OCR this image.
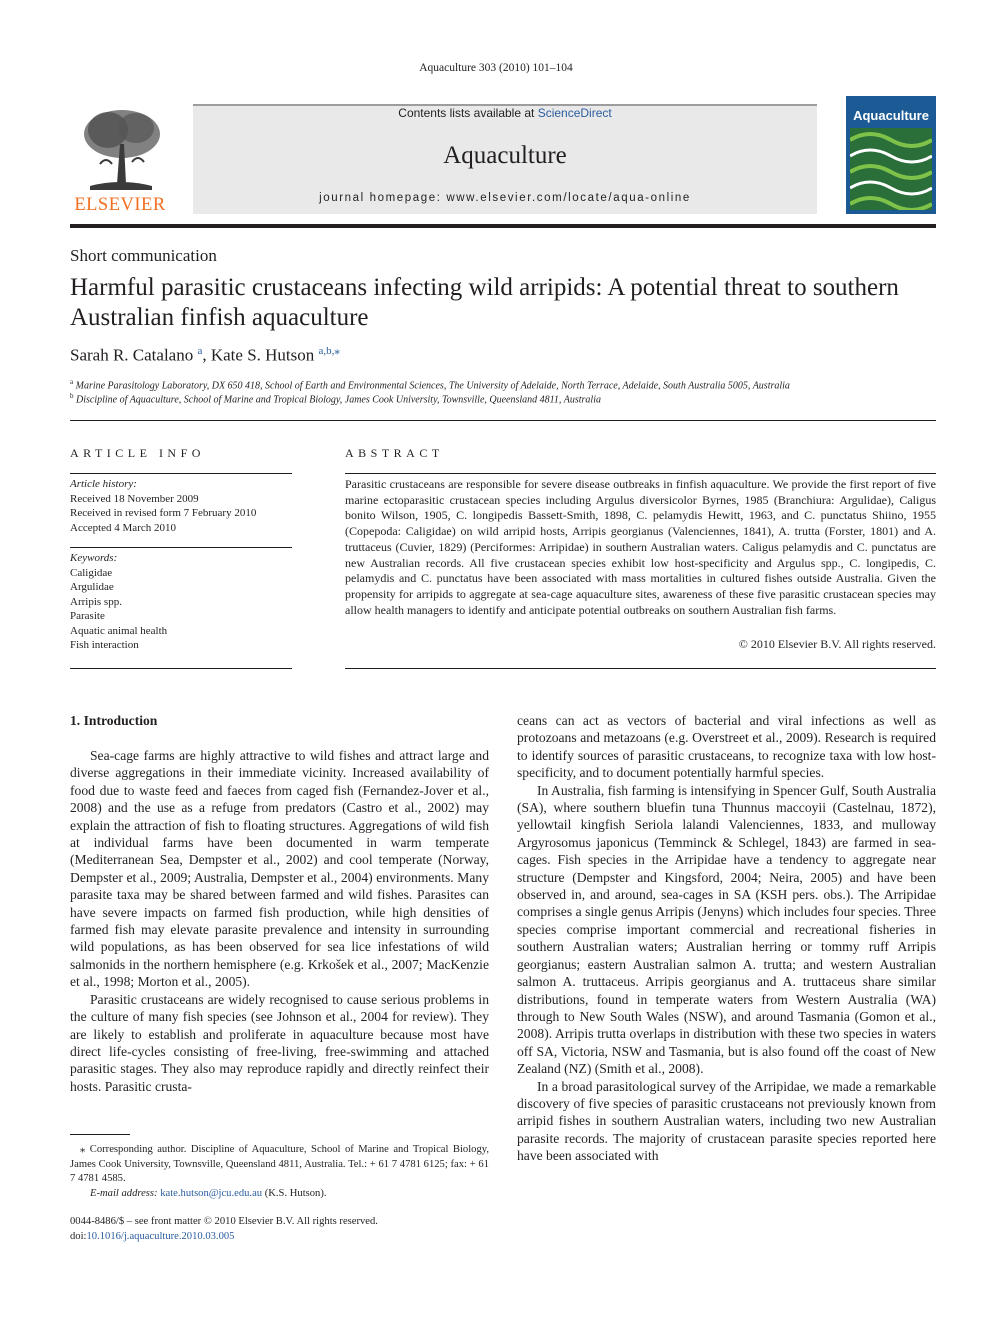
Aquaculture 303 (2010) 101–104
ELSEVIER
Contents lists available at ScienceDirect
Aquaculture
journal homepage: www.elsevier.com/locate/aqua-online
Aquaculture
Short communication
Harmful parasitic crustaceans infecting wild arripids: A potential threat to southern Australian finfish aquaculture
Sarah R. Catalano $^a$, Kate S. Hutson $^{a,b,⁎}$
$^a$ Marine Parasitology Laboratory, DX 650 418, School of Earth and Environmental Sciences, The University of Adelaide, North Terrace, Adelaide, South Australia 5005, Australia
$^b$ Discipline of Aquaculture, School of Marine and Tropical Biology, James Cook University, Townsville, Queensland 4811, Australia
ARTICLE INFO	ABSTRACT
Article history:
Received 18 November 2009
Received in revised form 7 February 2010
Accepted 4 March 2010
Keywords:
Caligidae
Argulidae
Arripis spp.
Parasite
Aquatic animal health
Fish interaction
Parasitic crustaceans are responsible for severe disease outbreaks in finfish aquaculture. We provide the first report of five marine ectoparasitic crustacean species including Argulus diversicolor Byrnes, 1985 (Branchiura: Argulidae), Caligus bonito Wilson, 1905, C. longipedis Bassett-Smith, 1898, C. pelamydis Hewitt, 1963, and C. punctatus Shiino, 1955 (Copepoda: Caligidae) on wild arripid hosts, Arripis georgianus (Valenciennes, 1841), A. trutta (Forster, 1801) and A. truttaceus (Cuvier, 1829) (Perciformes: Arripidae) in southern Australian waters. Caligus pelamydis and C. punctatus are new Australian records. All five crustacean species exhibit low host-specificity and Argulus spp., C. longipedis, C. pelamydis and C. punctatus have been associated with mass mortalities in cultured fishes outside Australia. Given the propensity for arripids to aggregate at sea-cage aquaculture sites, awareness of these five parasitic crustacean species may allow health managers to identify and anticipate potential outbreaks on southern Australian fish farms.
© 2010 Elsevier B.V. All rights reserved.
1. Introduction

Sea-cage farms are highly attractive to wild fishes and attract large and diverse aggregations in their immediate vicinity. Increased availability of food due to waste feed and faeces from caged fish (Fernandez-Jover et al., 2008) and the use as a refuge from predators (Castro et al., 2002) may explain the attraction of fish to floating structures. Aggregations of wild fish at individual farms have been documented in warm temperate (Mediterranean Sea, Dempster et al., 2002) and cool temperate (Norway, Dempster et al., 2009; Australia, Dempster et al., 2004) environments. Many parasite taxa may be shared between farmed and wild fishes. Parasites can have severe impacts on farmed fish production, while high densities of farmed fish may elevate parasite prevalence and intensity in surrounding wild populations, as has been observed for sea lice infestations of wild salmonids in the northern hemisphere (e.g. Krkošek et al., 2007; MacKenzie et al., 1998; Morton et al., 2005).

Parasitic crustaceans are widely recognised to cause serious problems in the culture of many fish species (see Johnson et al., 2004 for review). They are likely to establish and proliferate in aquaculture because most have direct life-cycles consisting of free-living, free-swimming and attached parasitic stages. They also may reproduce rapidly and directly reinfect their hosts. Parasitic crusta-

ceans can act as vectors of bacterial and viral infections as well as protozoans and metazoans (e.g. Overstreet et al., 2009). Research is required to identify sources of parasitic crustaceans, to recognize taxa with low host-specificity, and to document potentially harmful species.

In Australia, fish farming is intensifying in Spencer Gulf, South Australia (SA), where southern bluefin tuna Thunnus maccoyii (Castelnau, 1872), yellowtail kingfish Seriola lalandi Valenciennes, 1833, and mulloway Argyrosomus japonicus (Temminck & Schlegel, 1843) are farmed in sea-cages. Fish species in the Arripidae have a tendency to aggregate near structure (Dempster and Kingsford, 2004; Neira, 2005) and have been observed in, and around, sea-cages in SA (KSH pers. obs.). The Arripidae comprises a single genus Arripis (Jenyns) which includes four species. Three species comprise important commercial and recreational fisheries in southern Australian waters; Australian herring or tommy ruff Arripis georgianus; eastern Australian salmon A. trutta; and western Australian salmon A. truttaceus. Arripis georgianus and A. truttaceus share similar distributions, found in temperate waters from Western Australia (WA) through to New South Wales (NSW), and around Tasmania (Gomon et al., 2008). Arripis trutta overlaps in distribution with these two species in waters off SA, Victoria, NSW and Tasmania, but is also found off the coast of New Zealand (NZ) (Smith et al., 2008).

In a broad parasitological survey of the Arripidae, we made a remarkable discovery of five species of parasitic crustaceans not previously known from arripid fishes in southern Australian waters, including two new Australian parasite records. The majority of crustacean parasite species reported here have been associated with

⁎ Corresponding author. Discipline of Aquaculture, School of Marine and Tropical Biology, James Cook University, Townsville, Queensland 4811, Australia. Tel.: + 61 7 4781 6125; fax: + 61 7 4781 4585.
E-mail address: kate.hutson@jcu.edu.au (K.S. Hutson).
0044-8486/$ – see front matter © 2010 Elsevier B.V. All rights reserved.
doi:10.1016/j.aquaculture.2010.03.005
